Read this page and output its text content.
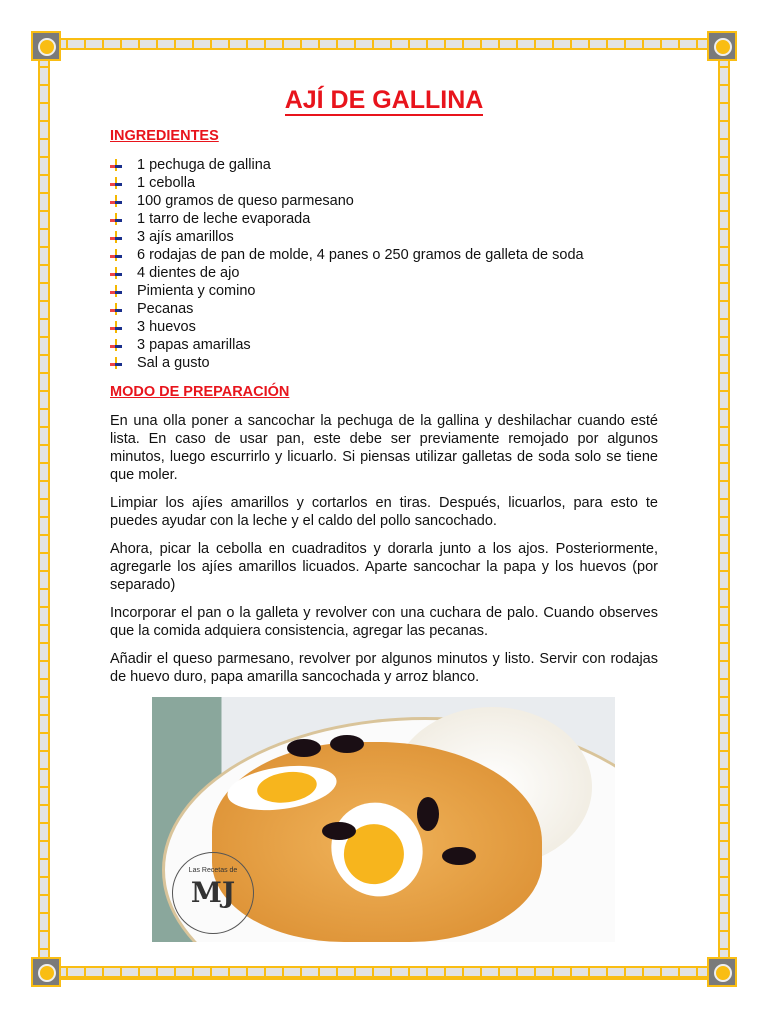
AJÍ DE GALLINA
INGREDIENTES
1 pechuga de gallina
1 cebolla
100 gramos de queso parmesano
1 tarro de leche evaporada
3 ajís amarillos
6 rodajas de pan de molde, 4 panes o 250 gramos de galleta de soda
4 dientes de ajo
Pimienta y comino
Pecanas
3 huevos
3 papas amarillas
Sal a gusto
MODO DE PREPARACIÓN

En una olla poner a sancochar la pechuga de la gallina y deshilachar cuando esté lista. En caso de usar pan, este debe ser previamente remojado por algunos minutos, luego escurrirlo y licuarlo. Si piensas utilizar galletas de soda solo se tiene que moler.

Limpiar los ajíes amarillos y cortarlos en tiras. Después, licuarlos, para esto te puedes ayudar con la leche y el caldo del pollo sancochado.

Ahora, picar la cebolla en cuadraditos y dorarla junto a los ajos. Posteriormente, agregarle los ajíes amarillos licuados. Aparte sancochar la papa y los huevos (por separado)

Incorporar el pan o la galleta y revolver con una cuchara de palo. Cuando observes que la comida adquiera consistencia, agregar las pecanas.

Añadir el queso parmesano, revolver por algunos minutos y listo. Servir con rodajas de huevo duro, papa amarilla sancochada y arroz blanco.

Las Recetas de
MJ
